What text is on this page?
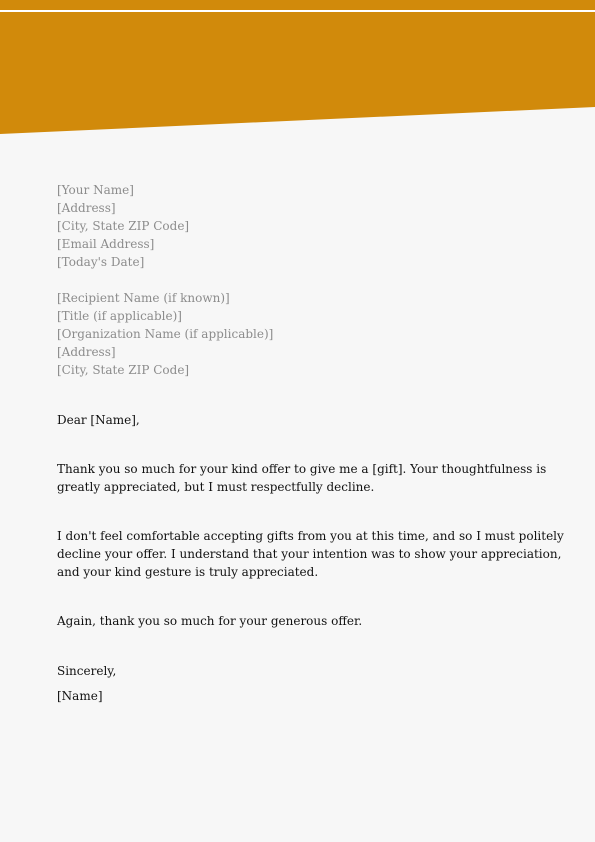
[Your Name]
[Address]
[City, State ZIP Code]
[Email Address]
[Today's Date]
[Recipient Name (if known)]
[Title (if applicable)]
[Organization Name (if applicable)]
[Address]
[City, State ZIP Code]
Dear [Name],
Thank you so much for your kind offer to give me a [gift]. Your thoughtfulness is
greatly appreciated, but I must respectfully decline.
I don't feel comfortable accepting gifts from you at this time, and so I must politely
decline your offer. I understand that your intention was to show your appreciation,
and your kind gesture is truly appreciated.
Again, thank you so much for your generous offer.
Sincerely,
[Name]
